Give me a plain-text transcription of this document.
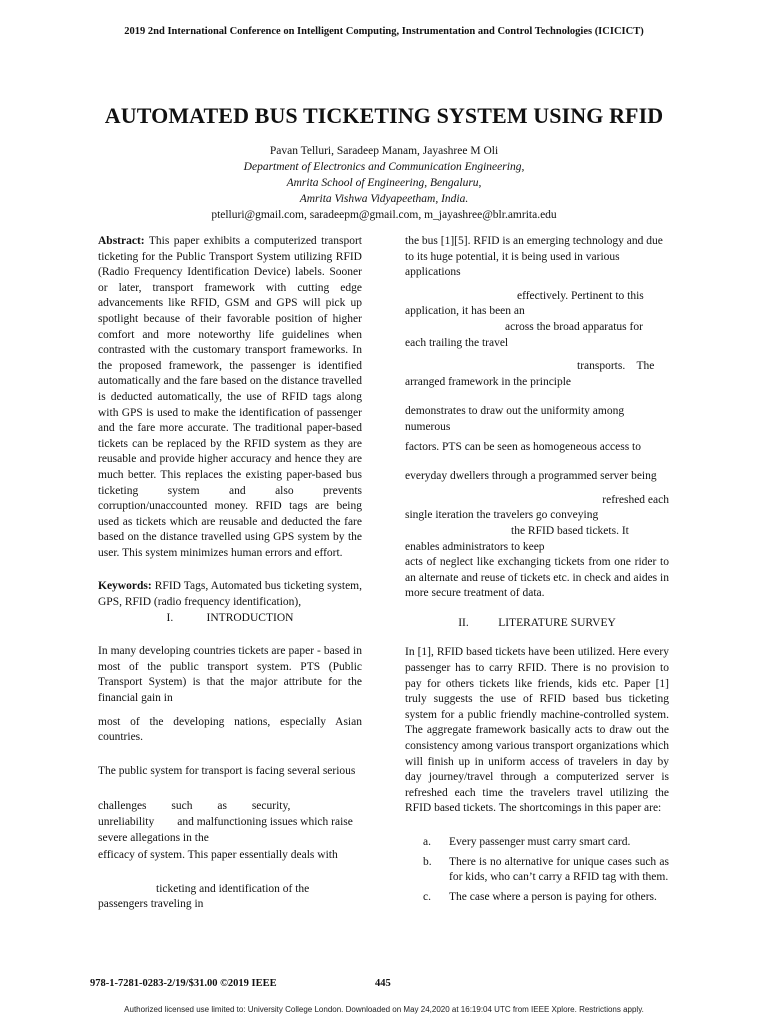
2019 2nd International Conference on Intelligent Computing, Instrumentation and Control Technologies (ICICICT)
AUTOMATED BUS TICKETING SYSTEM USING RFID
Pavan Telluri, Saradeep Manam, Jayashree M Oli
Department of Electronics and Communication Engineering,
Amrita School of Engineering, Bengaluru,
Amrita Vishwa Vidyapeetham, India.
ptelluri@gmail.com, saradeepm@gmail.com, m_jayashree@blr.amrita.edu

Abstract: This paper exhibits a computerized transport ticketing for the Public Transport System utilizing RFID (Radio Frequency Identification Device) labels. Sooner or later, transport framework with cutting edge advancements like RFID, GSM and GPS will pick up spotlight because of their favorable position of higher comfort and more noteworthy life guidelines when contrasted with the customary transport frameworks. In the proposed framework, the passenger is identified automatically and the fare based on the distance travelled is deducted automatically, the use of RFID tags along with GPS is used to make the identification of passenger and the fare more accurate. The traditional paper-based tickets can be replaced by the RFID system as they are reusable and provide higher accuracy and hence they are much better. This replaces the existing paper-based bus ticketing system and also prevents corruption/unaccounted money. RFID tags are being used as tickets which are reusable and deducted the fare based on the distance travelled using GPS system by the user. This system minimizes human errors and effort.

Keywords: RFID Tags, Automated bus ticketing system, GPS, RFID (radio frequency identification),

I.	INTRODUCTION

In many developing countries tickets are paper - based in most of the public transport system. PTS (Public Transport System) is that the major attribute for the financial gain in

most of the developing nations, especially Asian countries.

The public system for transport is facing several serious

challenges such as security,

unreliability        and malfunctioning issues which raise severe allegations in the

efficacy of system. This paper essentially deals with

ticketing and identification of the

passengers traveling in

the bus [1][5]. RFID is an emerging technology and due to its huge potential, it is being used in various applications

effectively. Pertinent to this

application, it has been an

across the broad apparatus for

each trailing the travel

transports.    The

arranged framework in the principle

demonstrates to draw out the uniformity among numerous

factors. PTS can be seen as homogeneous access to

everyday dwellers through a programmed server being

refreshed each

single iteration the travelers go conveying

the RFID based tickets. It

enables administrators to keep

acts of neglect like exchanging tickets from one rider to an alternate and reuse of tickets etc. in check and aides in more secure treatment of data.

II.	LITERATURE SURVEY

In [1], RFID based tickets have been utilized. Here every passenger has to carry RFID. There is no provision to pay for others tickets like friends, kids etc. Paper [1] truly suggests the use of RFID based bus ticketing system for a public friendly machine-controlled system. The aggregate framework basically acts to draw out the consistency among various transport organizations which will finish up in uniform access of travelers in day by day journey/travel through a computerized server is refreshed each time the travelers travel utilizing the RFID based tickets. The shortcomings in this paper are:

a. Every passenger must carry smart card.
b. There is no alternative for unique cases such as for kids, who can’t carry a RFID tag with them.
c. The case where a person is paying for others.
978-1-7281-0283-2/19/$31.00 ©2019 IEEE	445
Authorized licensed use limited to: University College London. Downloaded on May 24,2020 at 16:19:04 UTC from IEEE Xplore. Restrictions apply.
